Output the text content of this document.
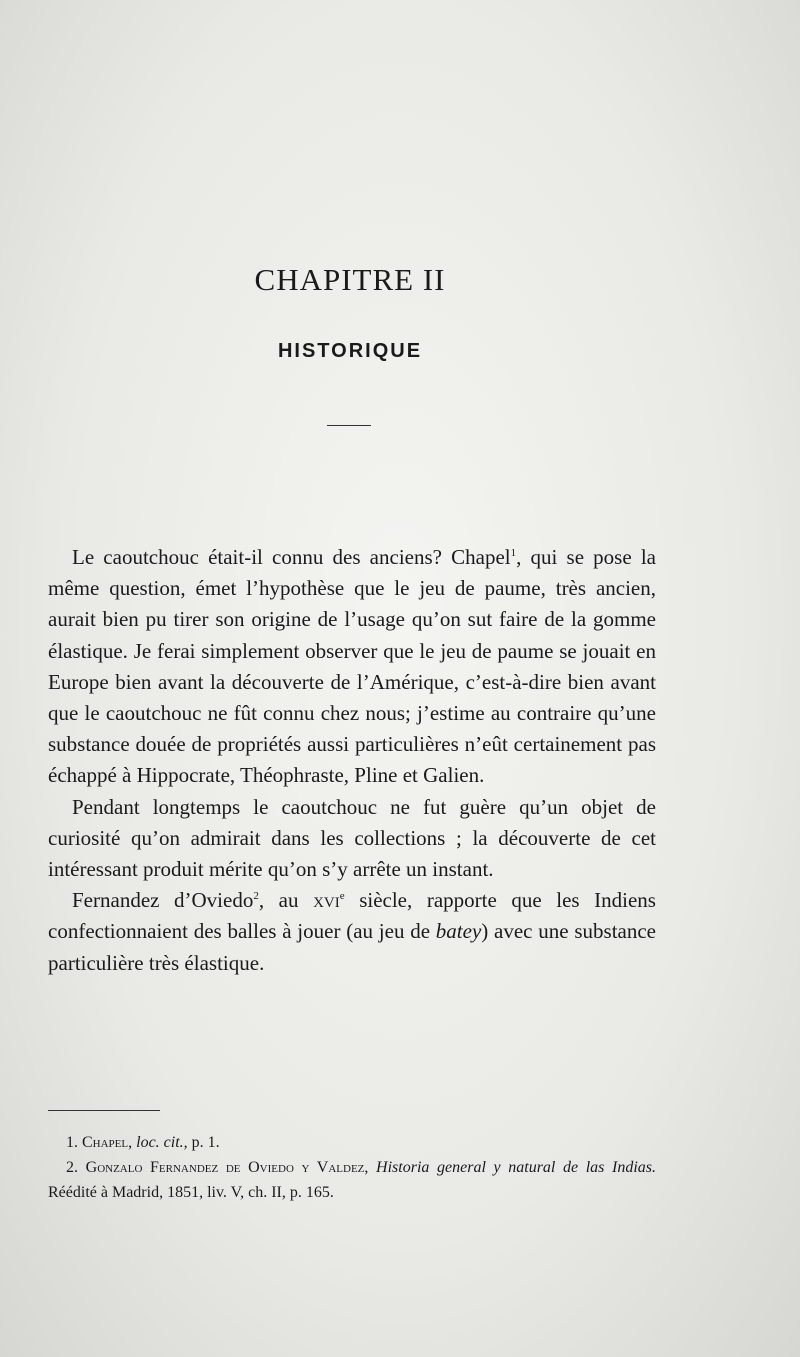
CHAPITRE II
HISTORIQUE

Le caoutchouc était-il connu des anciens? Chapel$^1$, qui se pose la même question, émet l’hypothèse que le jeu de paume, très ancien, aurait bien pu tirer son origine de l’usage qu’on sut faire de la gomme élastique. Je ferai simplement observer que le jeu de paume se jouait en Europe bien avant la découverte de l’Amérique, c’est-à-dire bien avant que le caoutchouc ne fût connu chez nous; j’estime au contraire qu’une substance douée de propriétés aussi particulières n’eût certainement pas échappé à Hippocrate, Théophraste, Pline et Galien.

Pendant longtemps le caoutchouc ne fut guère qu’un objet de curiosité qu’on admirait dans les collections ; la découverte de cet intéressant produit mérite qu’on s’y arrête un instant.

Fernandez d’Oviedo$^2$, au xvi$^e$ siècle, rapporte que les Indiens confectionnaient des balles à jouer (au jeu de batey) avec une substance particulière très élastique.

1. Chapel, loc. cit., p. 1.

2. Gonzalo Fernandez de Oviedo y Valdez, Historia general y natural de las Indias. Réédité à Madrid, 1851, liv. V, ch. II, p. 165.
